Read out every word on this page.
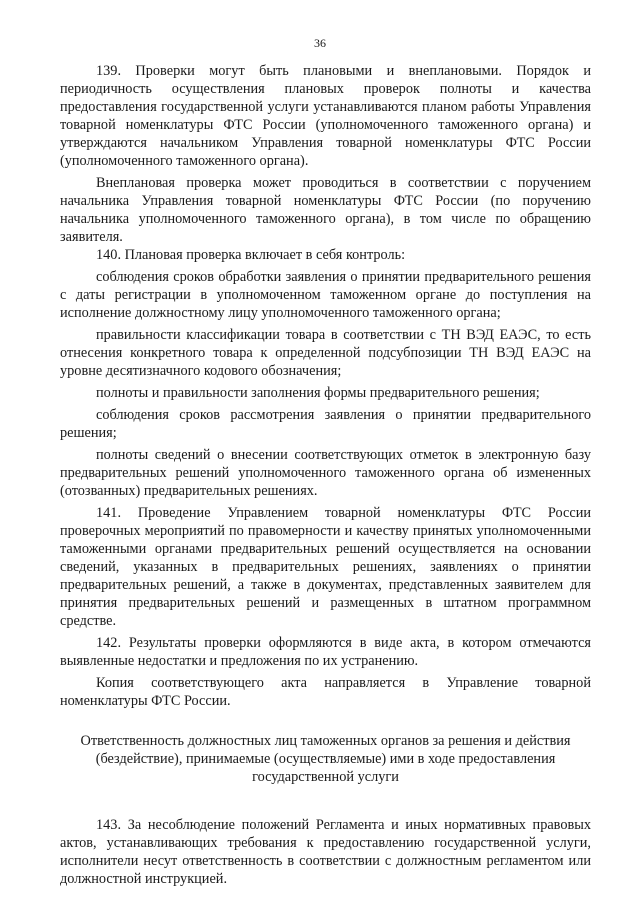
36

139. Проверки могут быть плановыми и внеплановыми. Порядок и периодичность осуществления плановых проверок полноты и качества предоставления государственной услуги устанавливаются планом работы Управления товарной номенклатуры ФТС России (уполномоченного таможенного органа) и утверждаются начальником Управления товарной номенклатуры ФТС России (уполномоченного таможенного органа).

Внеплановая проверка может проводиться в соответствии с поручением начальника Управления товарной номенклатуры ФТС России (по поручению начальника уполномоченного таможенного органа), в том числе по обращению заявителя.

140. Плановая проверка включает в себя контроль:

соблюдения сроков обработки заявления о принятии предварительного решения с даты регистрации в уполномоченном таможенном органе до поступления на исполнение должностному лицу уполномоченного таможенного органа;

правильности классификации товара в соответствии с ТН ВЭД ЕАЭС, то есть отнесения конкретного товара к определенной подсубпозиции ТН ВЭД ЕАЭС на уровне десятизначного кодового обозначения;

полноты и правильности заполнения формы предварительного решения;

соблюдения сроков рассмотрения заявления о принятии предварительного решения;

полноты сведений о внесении соответствующих отметок в электронную базу предварительных решений уполномоченного таможенного органа об измененных (отозванных) предварительных решениях.

141. Проведение Управлением товарной номенклатуры ФТС России проверочных мероприятий по правомерности и качеству принятых уполномоченными таможенными органами предварительных решений осуществляется на основании сведений, указанных в предварительных решениях, заявлениях о принятии предварительных решений, а также в документах, представленных заявителем для принятия предварительных решений и размещенных в штатном программном средстве.

142. Результаты проверки оформляются в виде акта, в котором отмечаются выявленные недостатки и предложения по их устранению.

Копия соответствующего акта направляется в Управление товарной номенклатуры ФТС России.

Ответственность должностных лиц таможенных органов за решения и действия (бездействие), принимаемые (осуществляемые) ими в ходе предоставления государственной услуги

143. За несоблюдение положений Регламента и иных нормативных правовых актов, устанавливающих требования к предоставлению государственной услуги, исполнители несут ответственность в соответствии с должностным регламентом или должностной инструкцией.
